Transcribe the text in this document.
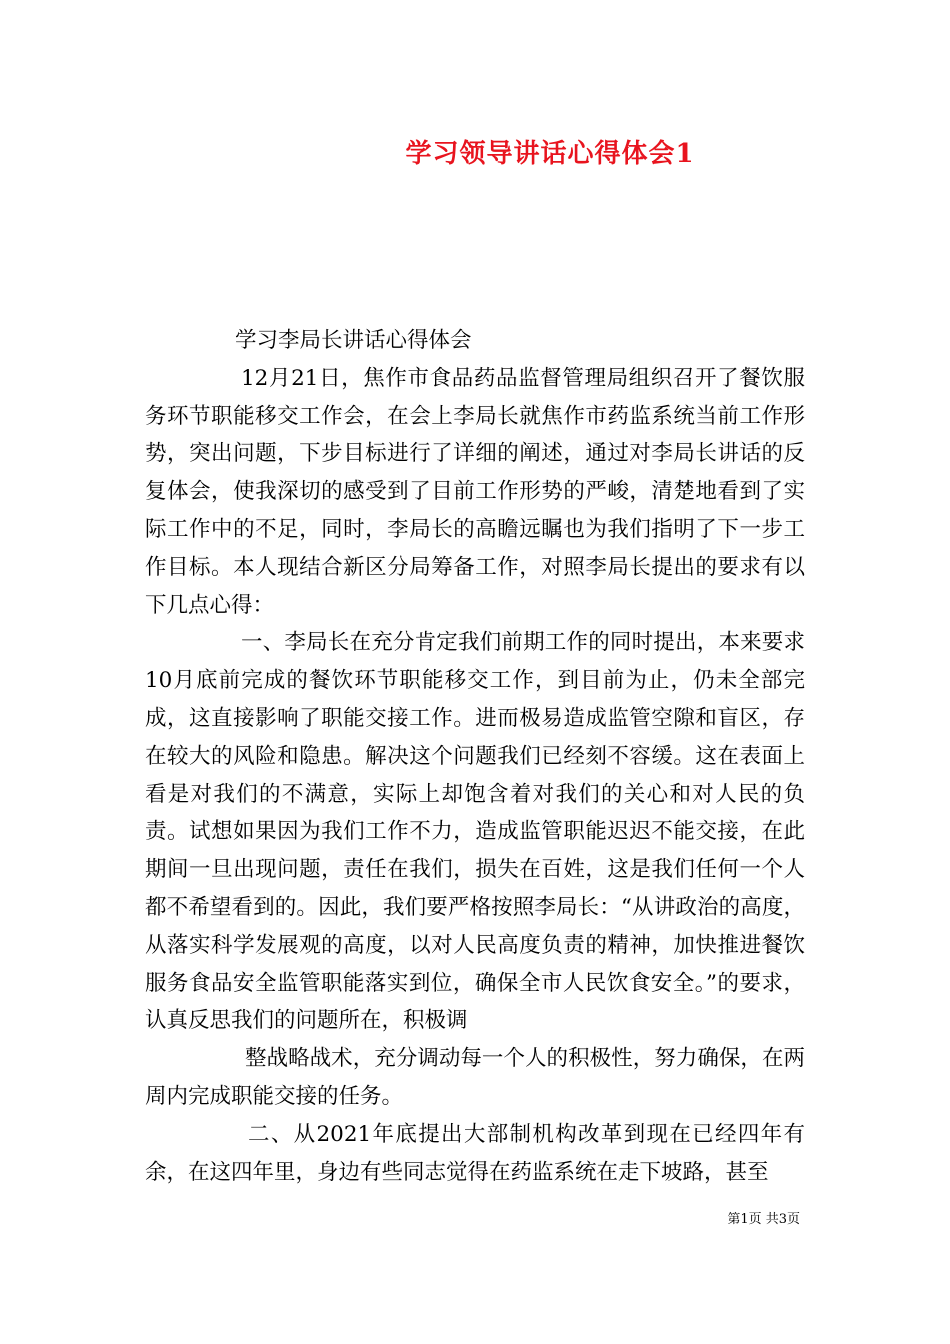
学习领导讲话心得体会1

学习李局长讲话心得体会

12月21日，焦作市食品药品监督管理局组织召开了餐饮服务环节职能移交工作会，在会上李局长就焦作市药监系统当前工作形势，突出问题，下步目标进行了详细的阐述，通过对李局长讲话的反复体会，使我深切的感受到了目前工作形势的严峻，清楚地看到了实际工作中的不足，同时，李局长的高瞻远瞩也为我们指明了下一步工作目标。本人现结合新区分局筹备工作，对照李局长提出的要求有以下几点心得：

一、李局长在充分肯定我们前期工作的同时提出，本来要求10月底前完成的餐饮环节职能移交工作，到目前为止，仍未全部完成，这直接影响了职能交接工作。进而极易造成监管空隙和盲区，存在较大的风险和隐患。解决这个问题我们已经刻不容缓。这在表面上看是对我们的不满意，实际上却饱含着对我们的关心和对人民的负责。试想如果因为我们工作不力，造成监管职能迟迟不能交接，在此期间一旦出现问题，责任在我们，损失在百姓，这是我们任何一个人都不希望看到的。因此，我们要严格按照李局长：“从讲政治的高度，从落实科学发展观的高度，以对人民高度负责的精神，加快推进餐饮服务食品安全监管职能落实到位，确保全市人民饮食安全。”的要求，认真反思我们的问题所在，积极调

整战略战术，充分调动每一个人的积极性，努力确保，在两周内完成职能交接的任务。

二、从2021年底提出大部制机构改革到现在已经四年有余，在这四年里，身边有些同志觉得在药监系统在走下坡路，甚至

第1页 共3页
